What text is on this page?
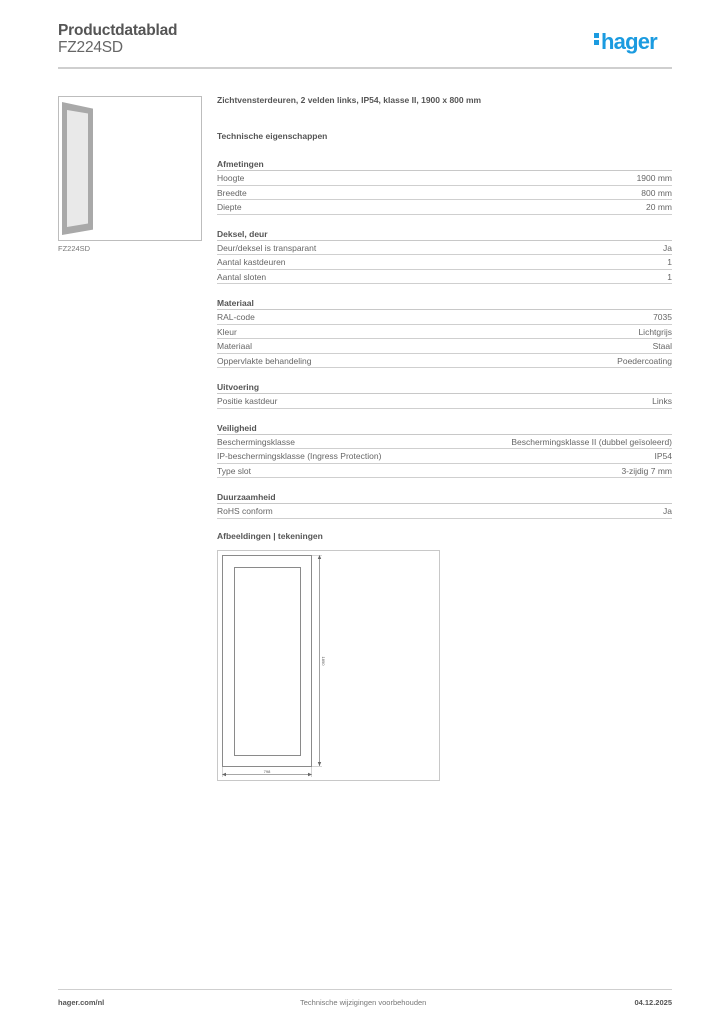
Productdatablad
FZ224SD	hager
FZ224SD
Zichtvensterdeuren, 2 velden links, IP54, klasse II, 1900 x 800 mm
Technische eigenschappen
Afmetingen
Hoogte	1900 mm
Breedte	800 mm
Diepte	20 mm
Deksel, deur
Deur/deksel is transparant	Ja
Aantal kastdeuren	1
Aantal sloten	1
Materiaal
RAL-code	7035
Kleur	Lichtgrijs
Materiaal	Staal
Oppervlakte behandeling	Poedercoating
Uitvoering
Positie kastdeur	Links
Veiligheid
Beschermingsklasse	Beschermingsklasse II (dubbel geïsoleerd)
IP-beschermingsklasse (Ingress Protection)	IP54
Type slot	3-zijdig 7 mm
Duurzaamheid
RoHS conform	Ja
Afbeeldingen | tekeningen
1890
798
hager.com/nl	Technische wijzigingen voorbehouden	04.12.2025
